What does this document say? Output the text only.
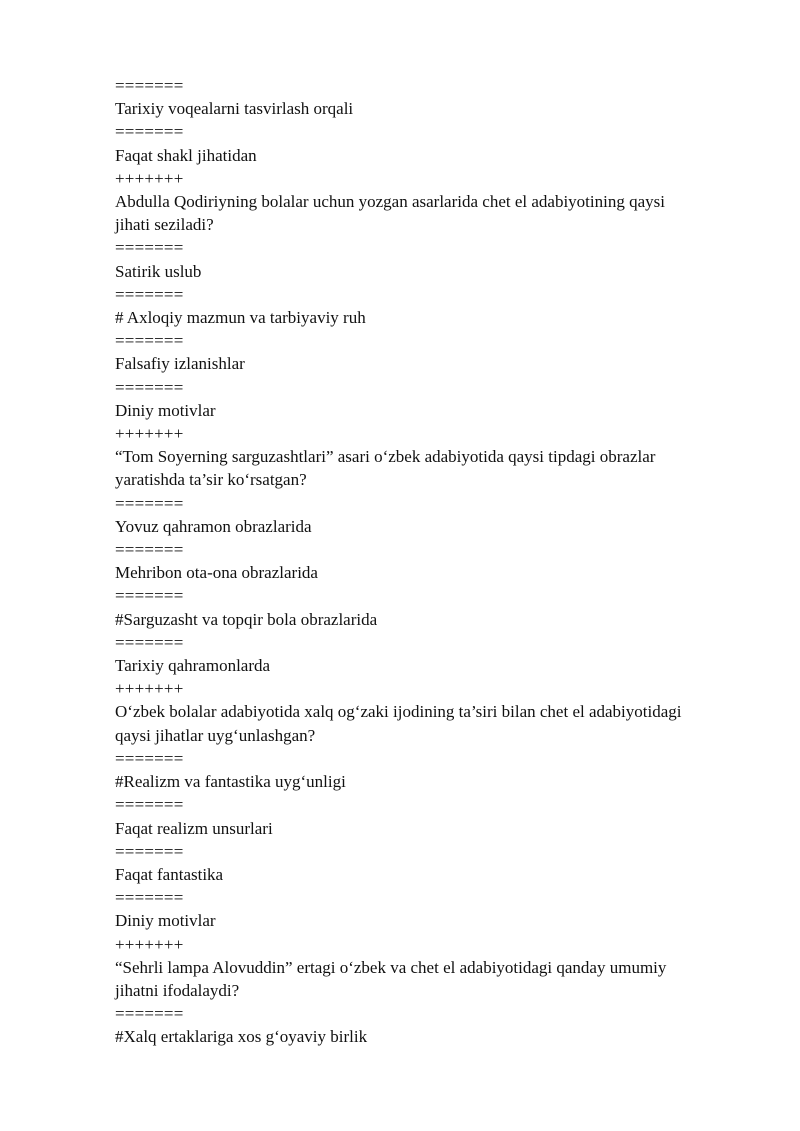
=======
Tarixiy voqealarni tasvirlash orqali
=======
Faqat shakl jihatidan
+++++++
Abdulla Qodiriyning bolalar uchun yozgan asarlarida chet el adabiyotining qaysi
jihati seziladi?
=======
Satirik uslub
=======
# Axloqiy mazmun va tarbiyaviy ruh
=======
Falsafiy izlanishlar
=======
Diniy motivlar
+++++++
“Tom Soyerning sarguzashtlari” asari o‘zbek adabiyotida qaysi tipdagi obrazlar
yaratishda ta’sir ko‘rsatgan?
=======
Yovuz qahramon obrazlarida
=======
Mehribon ota-ona obrazlarida
=======
#Sarguzasht va topqir bola obrazlarida
=======
Tarixiy qahramonlarda
+++++++
O‘zbek bolalar adabiyotida xalq og‘zaki ijodining ta’siri bilan chet el adabiyotidagi
qaysi jihatlar uyg‘unlashgan?
=======
#Realizm va fantastika uyg‘unligi
=======
Faqat realizm unsurlari
=======
Faqat fantastika
=======
Diniy motivlar
+++++++
“Sehrli lampa Alovuddin” ertagi o‘zbek va chet el adabiyotidagi qanday umumiy
jihatni ifodalaydi?
=======
#Xalq ertaklariga xos g‘oyaviy birlik
